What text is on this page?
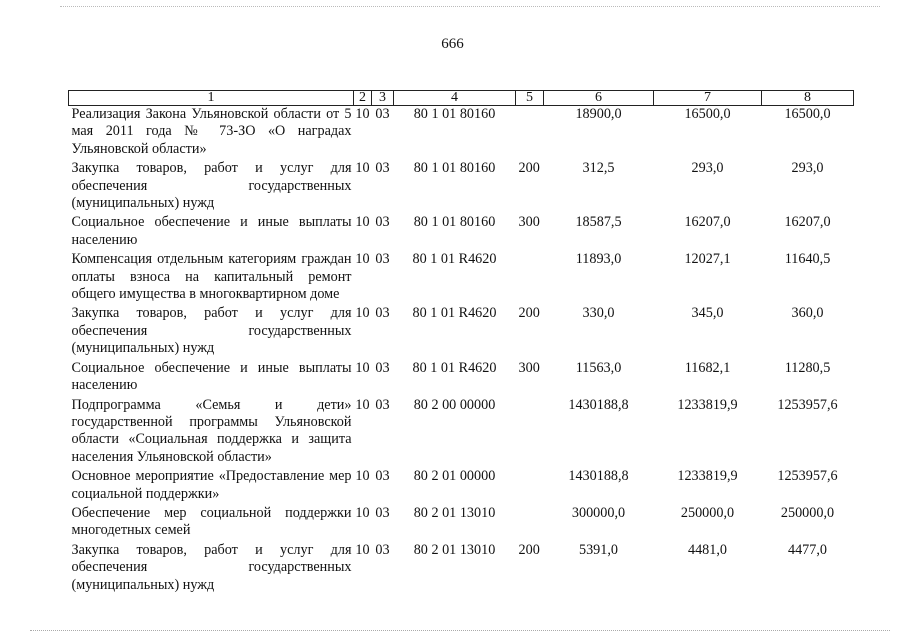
666
1	2	3	4	5	6	7	8
Реализация Закона Ульяновской области от 5 мая 2011 года № 73-ЗО «О наградах Ульяновской области»	10	03	80 1 01 80160		18900,0	16500,0	16500,0
Закупка товаров, работ и услуг для обеспечения государственных (муниципальных) нужд	10	03	80 1 01 80160	200	312,5	293,0	293,0
Социальное обеспечение и иные выплаты населению	10	03	80 1 01 80160	300	18587,5	16207,0	16207,0
Компенсация отдельным категориям граждан оплаты взноса на капитальный ремонт общего имущества в многоквартирном доме	10	03	80 1 01 R4620		11893,0	12027,1	11640,5
Закупка товаров, работ и услуг для обеспечения государственных (муниципальных) нужд	10	03	80 1 01 R4620	200	330,0	345,0	360,0
Социальное обеспечение и иные выплаты населению	10	03	80 1 01 R4620	300	11563,0	11682,1	11280,5
Подпрограмма «Семья и дети» государственной программы Ульяновской области «Социальная поддержка и защита населения Ульяновской области»	10	03	80 2 00 00000		1430188,8	1233819,9	1253957,6
Основное мероприятие «Предоставление мер социальной поддержки»	10	03	80 2 01 00000		1430188,8	1233819,9	1253957,6
Обеспечение мер социальной поддержки многодетных семей	10	03	80 2 01 13010		300000,0	250000,0	250000,0
Закупка товаров, работ и услуг для обеспечения государственных (муниципальных) нужд	10	03	80 2 01 13010	200	5391,0	4481,0	4477,0
